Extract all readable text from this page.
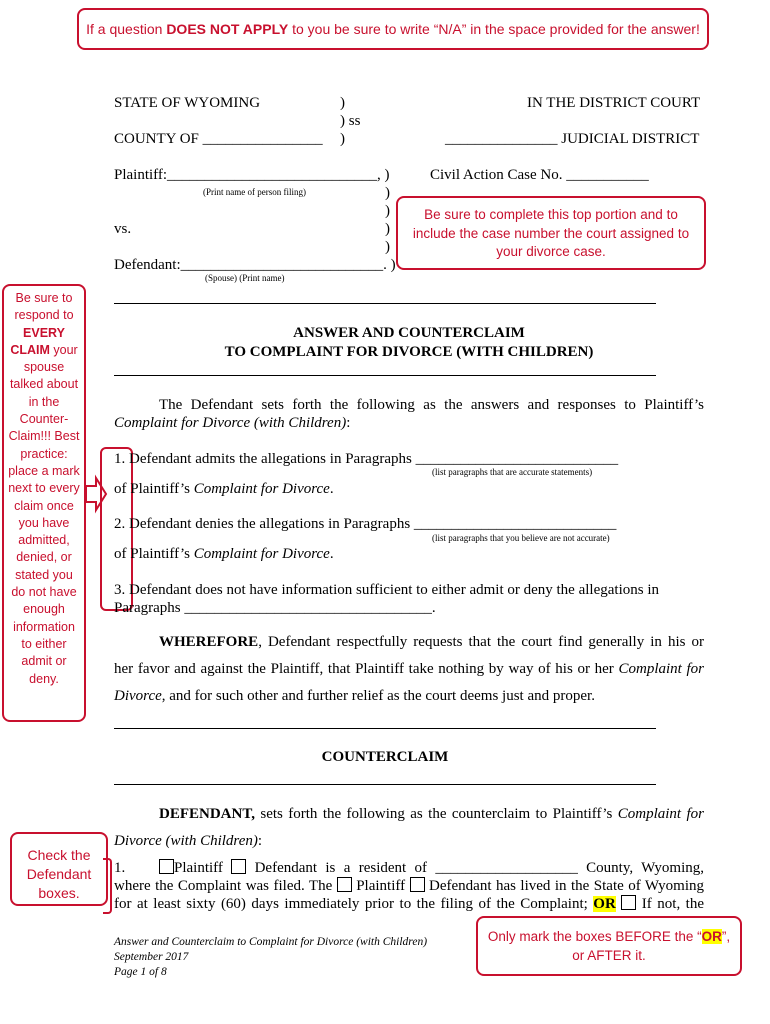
If a question DOES NOT APPLY to you be sure to write “N/A” in the space provided for the answer!
STATE OF WYOMING	)	IN THE DISTRICT COURT
) ss
COUNTY OF ________________ )	_______________ JUDICIAL DISTRICT
Plaintiff:____________________________, )
(Print name of person filing)
Civil Action Case No. ___________
)
)
)
)
vs.
Defendant:___________________________. )
(Spouse) (Print name)
Be sure to complete this top portion and to include the case number the court assigned to your divorce case.
Be sure to respond to EVERY CLAIM your spouse talked about in the Counter-Claim!!! Best practice: place a mark next to every claim once you have admitted, denied, or stated you do not have enough information to either admit or deny.
ANSWER AND COUNTERCLAIM
TO COMPLAINT FOR DIVORCE (WITH CHILDREN)
The Defendant sets forth the following as the answers and responses to Plaintiff’s
Complaint for Divorce (with Children):
1. Defendant admits the allegations in Paragraphs ___________________________
(list paragraphs that are accurate statements)
of Plaintiff’s Complaint for Divorce.
2. Defendant denies the allegations in Paragraphs ___________________________
(list paragraphs that you believe are not accurate)
of Plaintiff’s Complaint for Divorce.
3. Defendant does not have information sufficient to either admit or deny the allegations in
Paragraphs _________________________________.
WHEREFORE, Defendant respectfully requests that the court find generally in his or
her favor and against the Plaintiff, that Plaintiff take nothing by way of his or her Complaint for
Divorce, and for such other and further relief as the court deems just and proper.
COUNTERCLAIM
DEFENDANT, sets forth the following as the counterclaim to Plaintiff’s Complaint for
Divorce (with Children):
1.	Plaintiff Defendant is a resident of ___________________ County, Wyoming,
where the Complaint was filed. The Plaintiff Defendant has lived in the State of Wyoming
for at least sixty (60) days immediately prior to the filing of the Complaint; OR If not, the
Check the Defendant boxes.
Answer and Counterclaim to Complaint for Divorce (with Children)
September 2017
Page 1 of 8
Only mark the boxes BEFORE the “OR”, or AFTER it.
